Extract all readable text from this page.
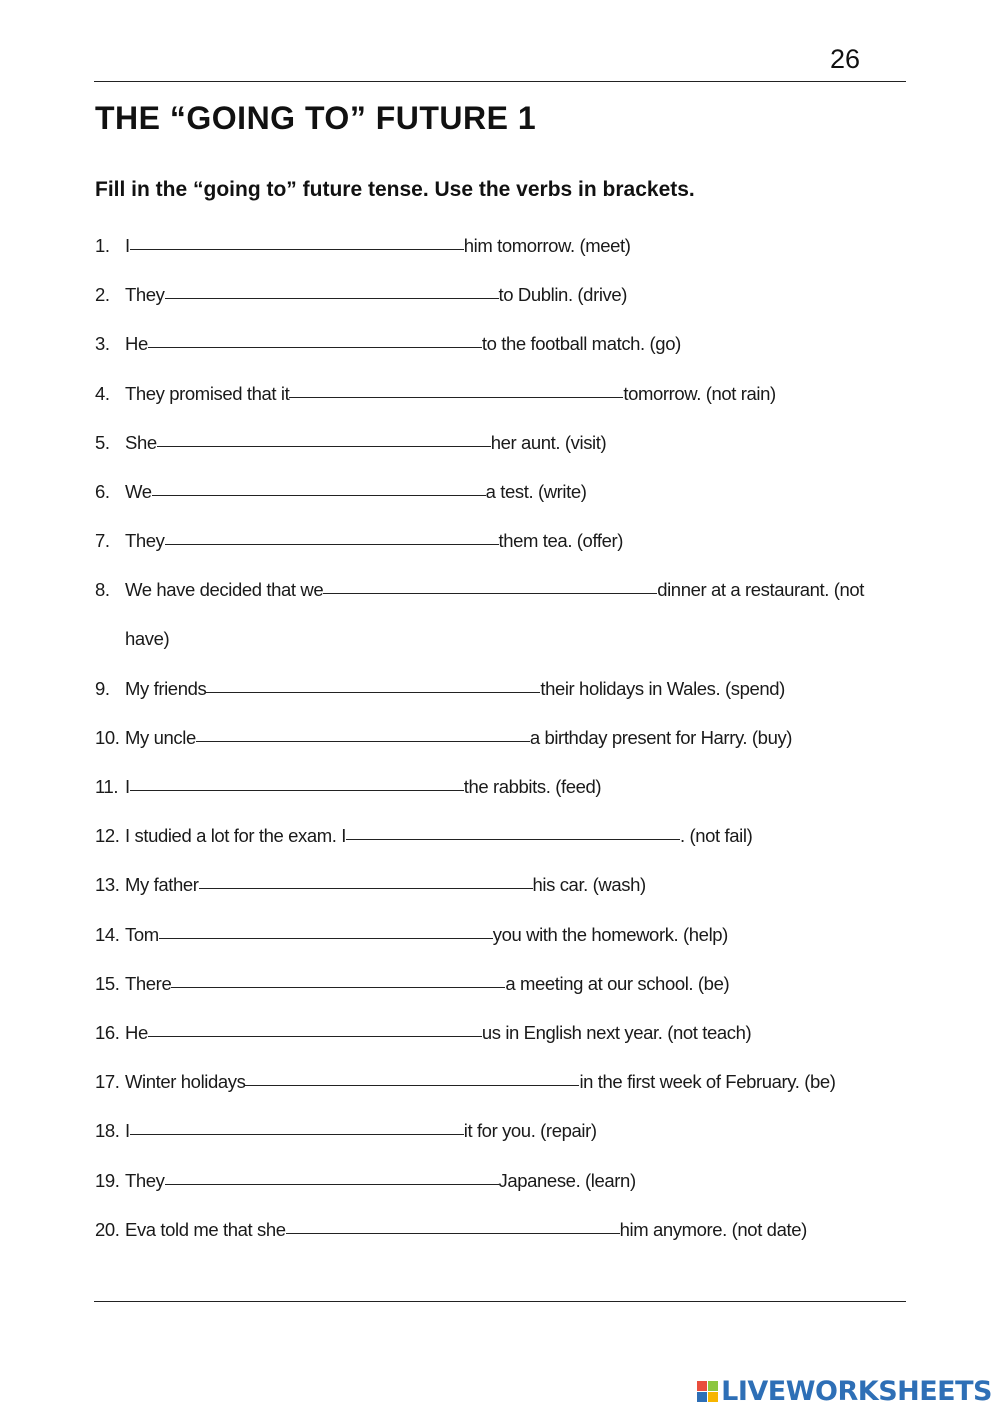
26
THE “GOING TO” FUTURE 1

Fill in the “going to” future tense. Use the verbs in brackets.

1. I	him tomorrow. (meet)
2. They	to Dublin. (drive)
3. He	to the football match. (go)
4. They promised that it	tomorrow. (not rain)
5. She	her aunt. (visit)
6. We	a test. (write)
7. They	them tea. (offer)
8. We have decided that we	dinner at a restaurant. (not
have)
9. My friends	their holidays in Wales. (spend)
10. My uncle	a birthday present for Harry. (buy)
11. I	the rabbits. (feed)
12. I studied a lot for the exam. I	. (not fail)
13. My father	his car. (wash)
14. Tom	you with the homework. (help)
15. There	a meeting at our school. (be)
16. He	us in English next year. (not teach)
17. Winter holidays	in the first week of February. (be)
18. I	it for you. (repair)
19. They	Japanese. (learn)
20. Eva told me that she	him anymore. (not date)
LIVEWORKSHEETS
